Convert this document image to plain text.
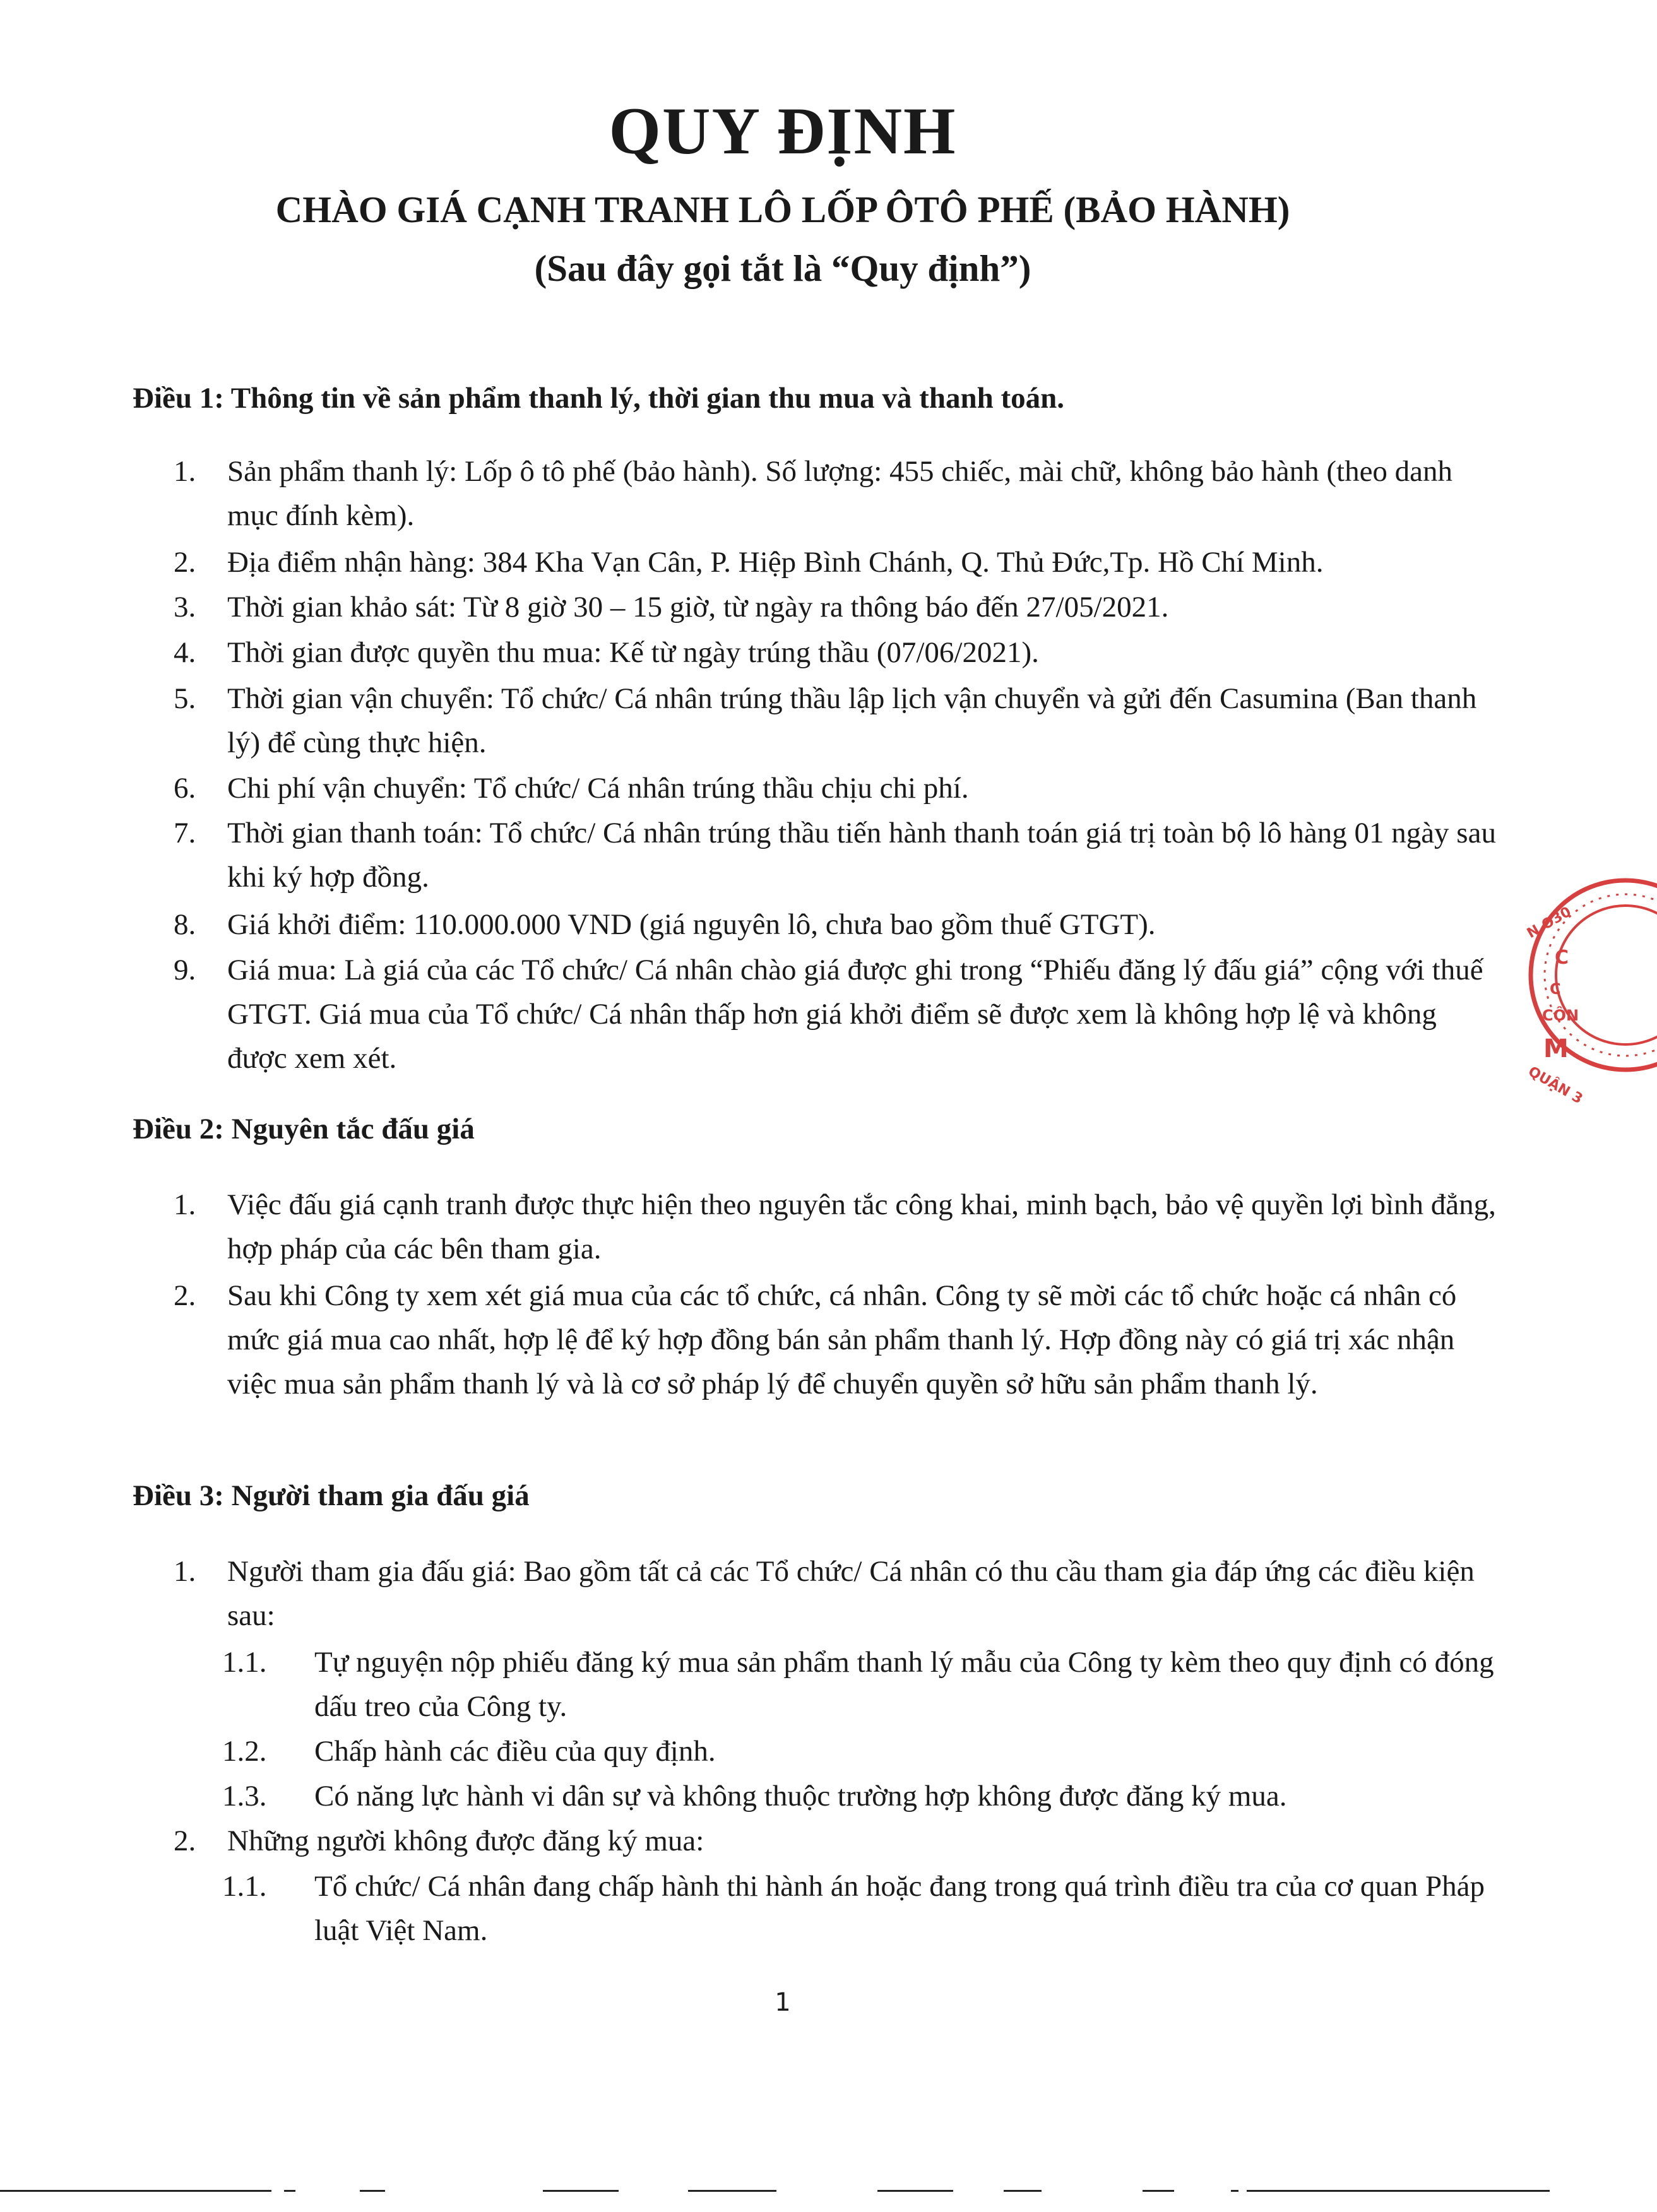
QUY ĐỊNH
CHÀO GIÁ CẠNH TRANH LÔ LỐP ÔTÔ PHẾ (BẢO HÀNH)
(Sau đây gọi tắt là “Quy định”)
Điều 1: Thông tin về sản phẩm thanh lý, thời gian thu mua và thanh toán.
1.	Sản phẩm thanh lý: Lốp ô tô phế (bảo hành). Số lượng: 455 chiếc, mài chữ, không bảo hành (theo danh mục đính kèm).
2.	Địa điểm nhận hàng: 384 Kha Vạn Cân, P. Hiệp Bình Chánh, Q. Thủ Đức,Tp. Hồ Chí Minh.
3.	Thời gian khảo sát: Từ 8 giờ 30 – 15 giờ, từ ngày ra thông báo đến 27/05/2021.
4.	Thời gian được quyền thu mua: Kế từ ngày trúng thầu (07/06/2021).
5.	Thời gian vận chuyển: Tổ chức/ Cá nhân trúng thầu lập lịch vận chuyển và gửi đến Casumina (Ban thanh lý) để cùng thực hiện.
6.	Chi phí vận chuyển: Tổ chức/ Cá nhân trúng thầu chịu chi phí.
7.	Thời gian thanh toán: Tổ chức/ Cá nhân trúng thầu tiến hành thanh toán giá trị toàn bộ lô hàng 01 ngày sau khi ký hợp đồng.
8.	Giá khởi điểm: 110.000.000 VND (giá nguyên lô, chưa bao gồm thuế GTGT).
9.	Giá mua: Là giá của các Tổ chức/ Cá nhân chào giá được ghi trong “Phiếu đăng lý đấu giá” cộng với thuế GTGT. Giá mua của Tổ chức/ Cá nhân thấp hơn giá khởi điểm sẽ được xem là không hợp lệ và không được xem xét.
Điều 2: Nguyên tắc đấu giá
1.	Việc đấu giá cạnh tranh được thực hiện theo nguyên tắc công khai, minh bạch, bảo vệ quyền lợi bình đẳng, hợp pháp của các bên tham gia.
2.	Sau khi Công ty xem xét giá mua của các tổ chức, cá nhân. Công ty sẽ mời các tổ chức hoặc cá nhân có mức giá mua cao nhất, hợp lệ để ký hợp đồng bán sản phẩm thanh lý. Hợp đồng này có giá trị xác nhận việc mua sản phẩm thanh lý và là cơ sở pháp lý để chuyển quyền sở hữu sản phẩm thanh lý.
Điều 3: Người tham gia đấu giá
1.	Người tham gia đấu giá: Bao gồm tất cả các Tổ chức/ Cá nhân có thu cầu tham gia đáp ứng các điều kiện sau:
1.1.	Tự nguyện nộp phiếu đăng ký mua sản phẩm thanh lý mẫu của Công ty kèm theo quy định có đóng dấu treo của Công ty.
1.2.	Chấp hành các điều của quy định.
1.3.	Có năng lực hành vi dân sự và không thuộc trường hợp không được đăng ký mua.
2.	Những người không được đăng ký mua:
1.1.	Tổ chức/ Cá nhân đang chấp hành thi hành án hoặc đang trong quá trình điều tra của cơ quan Pháp luật Việt Nam.
1
C
C
CÔN
M
N.O30
QUẬN 3
